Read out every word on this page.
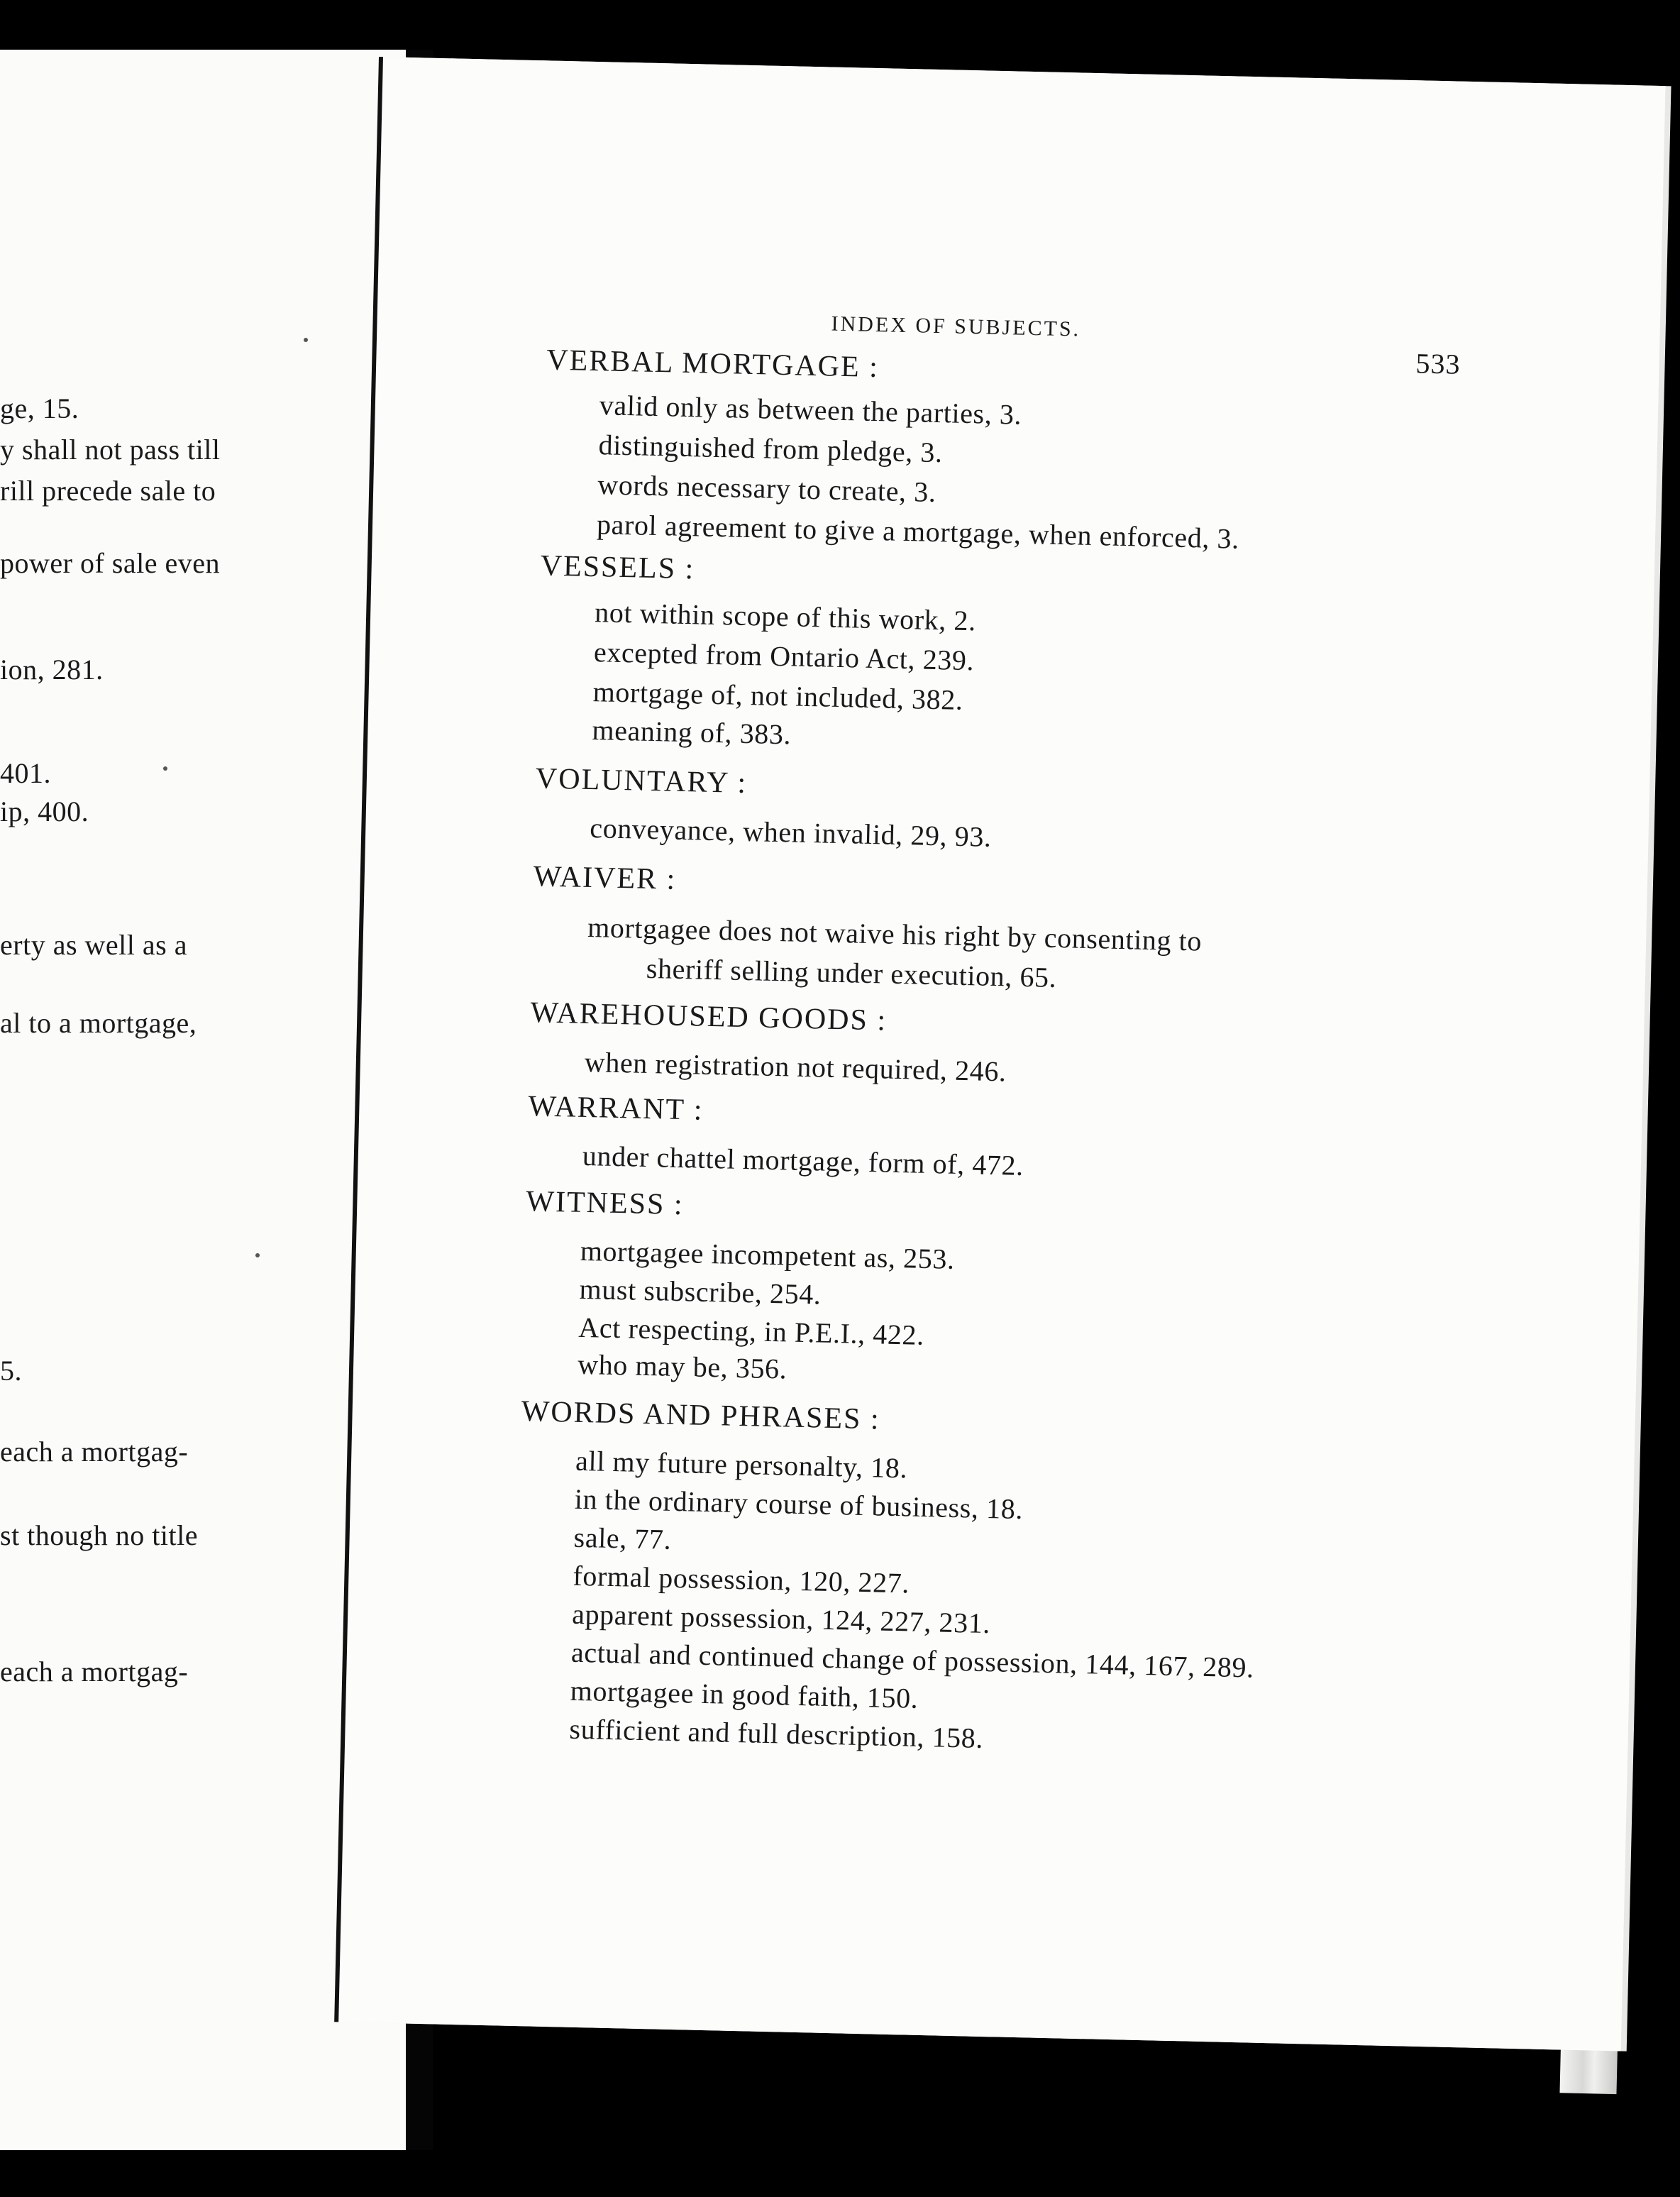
ge, 15.
y shall not pass till
rill precede sale to
power of sale even
ion, 281.
401.
ip, 400.
erty as well as a
al to a mortgage,
5.
each a mortgag-
st though no title
each a mortgag-
INDEX OF SUBJECTS.
533
VERBAL MORTGAGE :
valid only as between the parties, 3.
distinguished from pledge, 3.
words necessary to create, 3.
parol agreement to give a mortgage, when enforced, 3.
VESSELS :
not within scope of this work, 2.
excepted from Ontario Act, 239.
mortgage of, not included, 382.
meaning of, 383.
VOLUNTARY :
conveyance, when invalid, 29, 93.
WAIVER :
mortgagee does not waive his right by consenting to
sheriff selling under execution, 65.
WAREHOUSED GOODS :
when registration not required, 246.
WARRANT :
under chattel mortgage, form of, 472.
WITNESS :
mortgagee incompetent as, 253.
must subscribe, 254.
Act respecting, in P.E.I., 422.
who may be, 356.
WORDS AND PHRASES :
all my future personalty, 18.
in the ordinary course of business, 18.
sale, 77.
formal possession, 120, 227.
apparent possession, 124, 227, 231.
actual and continued change of possession, 144, 167, 289.
mortgagee in good faith, 150.
sufficient and full description, 158.
